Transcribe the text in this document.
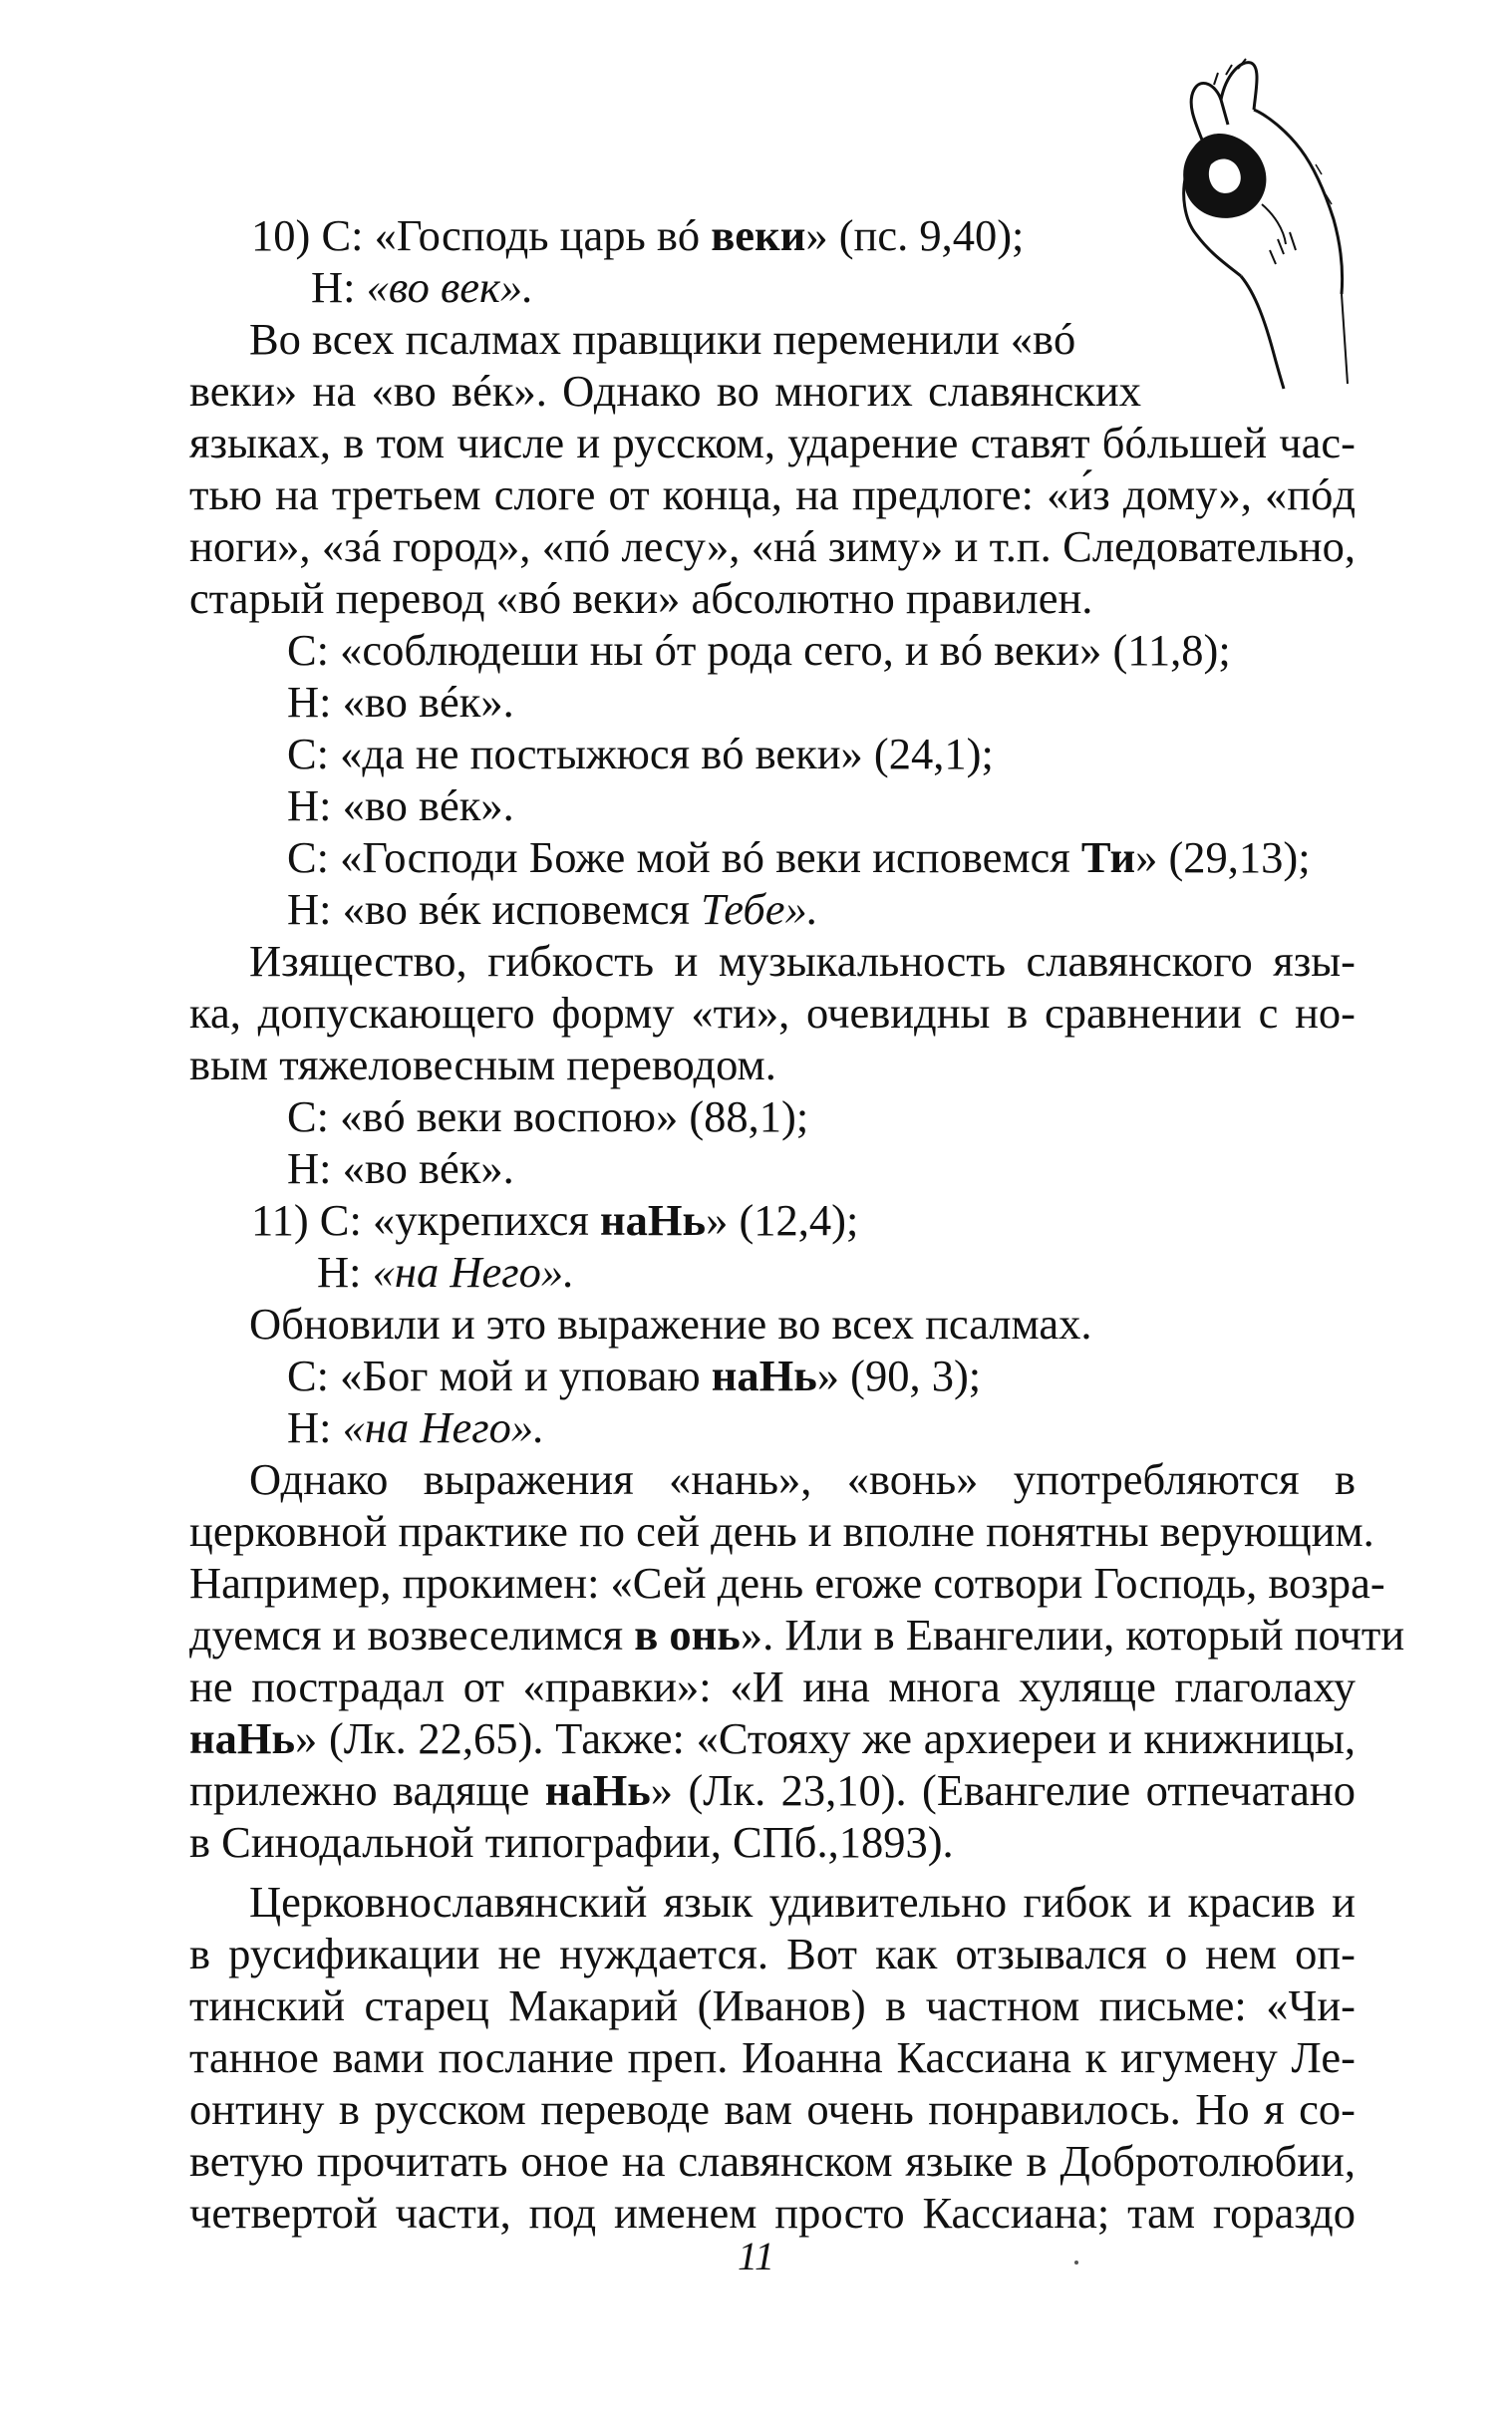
10) С: «Господь царь вó веки» (пс. 9,40);
Н: «во век».
Во всех псалмах правщики переменили «вó
веки» на «во вéк». Однако во многих славянских
языках, в том числе и русском, ударение ставят бóльшей час-
тью на третьем слоге от конца, на предлоге: «и́з дому», «пóд
ноги», «зá город», «пó лесу», «нá зиму» и т.п. Следовательно,
старый перевод «вó веки» абсолютно правилен.
С: «соблюдеши ны óт рода сего, и вó веки» (11,8);
Н: «во вéк».
С: «да не постыжюся вó веки» (24,1);
Н: «во вéк».
С: «Господи Боже мой вó веки исповемся Ти» (29,13);
Н: «во вéк исповемся Тебе».
Изящество, гибкость и музыкальность славянского язы-
ка, допускающего форму «ти», очевидны в сравнении с но-
вым тяжеловесным переводом.
С: «вó веки воспою» (88,1);
Н: «во вéк».
11) С: «укрепихся наНь» (12,4);
Н: «на Него».
Обновили и это выражение во всех псалмах.
С: «Бог мой и уповаю наНь» (90, 3);
Н: «на Него».
Однако выражения «нань», «вонь» употребляются в
церковной практике по сей день и вполне понятны верующим.
Например, прокимен: «Сей день егоже сотвори Господь, возра-
дуемся и возвеселимся в онь». Или в Евангелии, который почти
не пострадал от «правки»: «И ина многа хуляще глаголаху
наНь» (Лк. 22,65). Также: «Стояху же архиереи и книжницы,
прилежно вадяще наНь» (Лк. 23,10). (Евангелие отпечатано
в Синодальной типографии, СПб.,1893).
Церковнославянский язык удивительно гибок и красив и
в русификации не нуждается. Вот как отзывался о нем оп-
тинский старец Макарий (Иванов) в частном письме: «Чи-
танное вами послание преп. Иоанна Кассиана к игумену Ле-
онтину в русском переводе вам очень понравилось. Но я со-
ветую прочитать оное на славянском языке в Добротолюбии,
четвертой части, под именем просто Кассиана; там гораздо
11
